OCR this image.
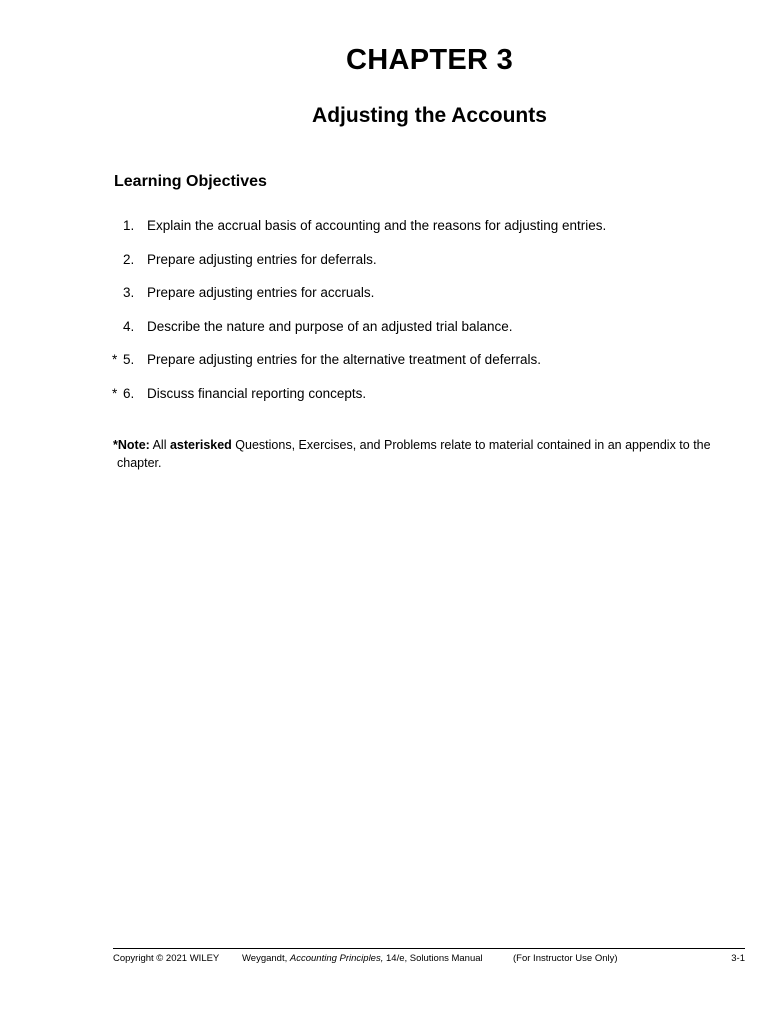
CHAPTER 3
Adjusting the Accounts
Learning Objectives
1. Explain the accrual basis of accounting and the reasons for adjusting entries.
2. Prepare adjusting entries for deferrals.
3. Prepare adjusting entries for accruals.
4. Describe the nature and purpose of an adjusted trial balance.
* 5. Prepare adjusting entries for the alternative treatment of deferrals.
* 6. Discuss financial reporting concepts.

*Note: All asterisked Questions, Exercises, and Problems relate to material contained in an appendix to the
chapter.

Copyright © 2021 WILEY Weygandt, Accounting Principles, 14/e, Solutions Manual	(For Instructor Use Only)	3-1
